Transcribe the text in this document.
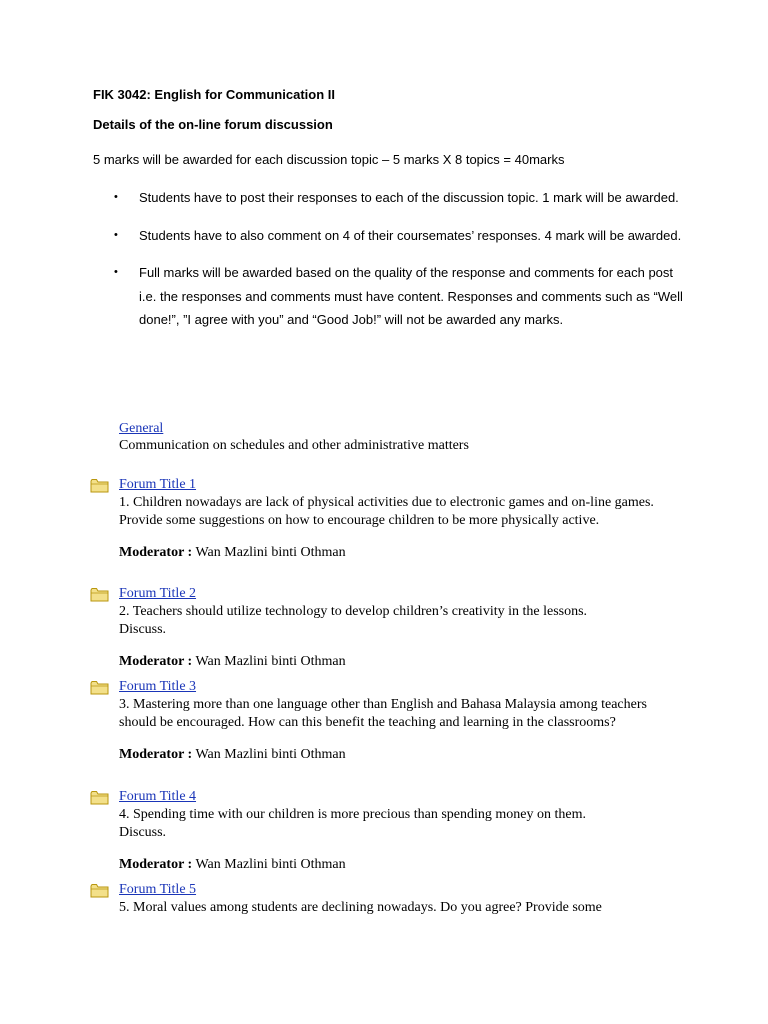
FIK 3042: English for Communication II
Details of the on-line forum discussion
5 marks will be awarded for each discussion topic – 5 marks X 8 topics = 40marks
• Students have to post their responses to each of the discussion topic. 1 mark will be awarded.
• Students have to also comment on 4 of their coursemates’ responses. 4 mark will be awarded.
• Full marks will be awarded based on the quality of the response and comments for each post i.e. the responses and comments must have content. Responses and comments such as “Well done!”, ”I agree with you” and “Good Job!” will not be awarded any marks.
General
Communication on schedules and other administrative matters
Forum Title 1
1. Children nowadays are lack of physical activities due to electronic games and on-line games. Provide some suggestions on how to encourage children to be more physically active.
Moderator : Wan Mazlini binti Othman
Forum Title 2
2. Teachers should utilize technology to develop children’s creativity in the lessons. Discuss.
Moderator : Wan Mazlini binti Othman
Forum Title 3
3. Mastering more than one language other than English and Bahasa Malaysia among teachers should be encouraged. How can this benefit the teaching and learning in the classrooms?
Moderator : Wan Mazlini binti Othman
Forum Title 4
4. Spending time with our children is more precious than spending money on them. Discuss.
Moderator : Wan Mazlini binti Othman
Forum Title 5
5. Moral values among students are declining nowadays. Do you agree? Provide some
